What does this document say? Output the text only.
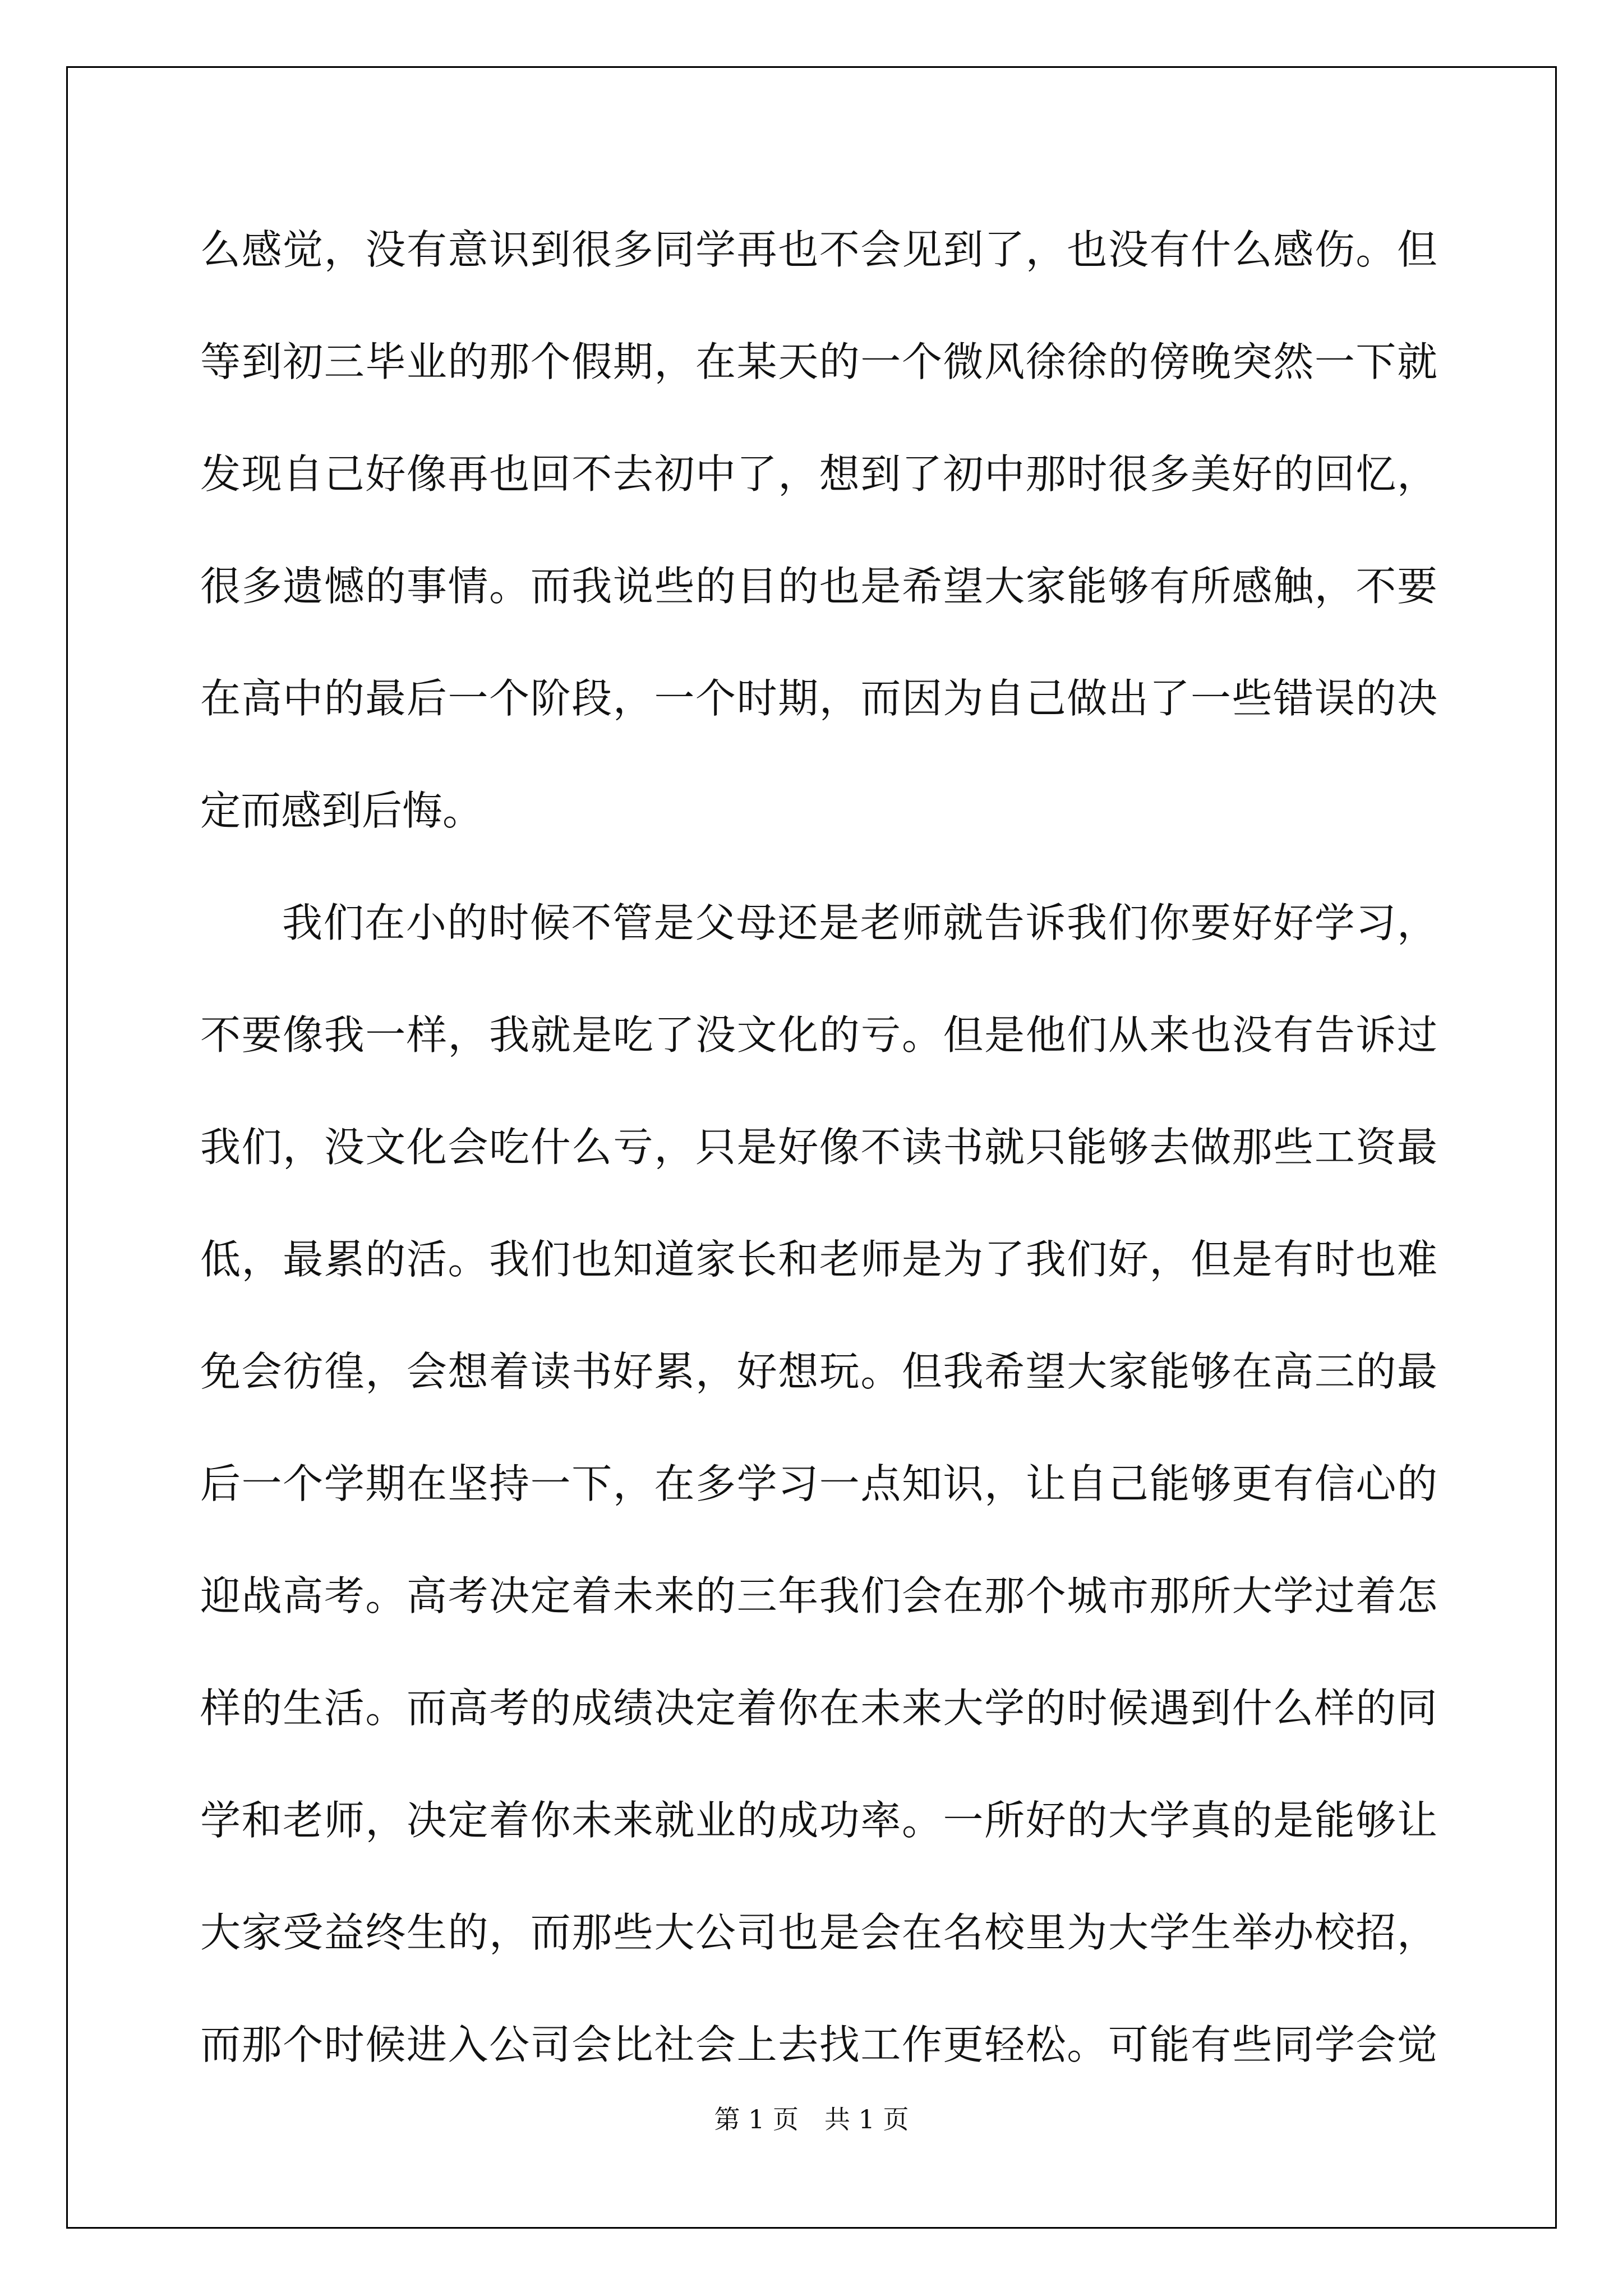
么感觉，没有意识到很多同学再也不会见到了，也没有什么感伤。但
等到初三毕业的那个假期，在某天的一个微风徐徐的傍晚突然一下就
发现自己好像再也回不去初中了，想到了初中那时很多美好的回忆，
很多遗憾的事情。而我说些的目的也是希望大家能够有所感触，不要
在高中的最后一个阶段，一个时期，而因为自己做出了一些错误的决
定而感到后悔。
我们在小的时候不管是父母还是老师就告诉我们你要好好学习，
不要像我一样，我就是吃了没文化的亏。但是他们从来也没有告诉过
我们，没文化会吃什么亏，只是好像不读书就只能够去做那些工资最
低，最累的活。我们也知道家长和老师是为了我们好，但是有时也难
免会彷徨，会想着读书好累，好想玩。但我希望大家能够在高三的最
后一个学期在坚持一下，在多学习一点知识，让自己能够更有信心的
迎战高考。高考决定着未来的三年我们会在那个城市那所大学过着怎
样的生活。而高考的成绩决定着你在未来大学的时候遇到什么样的同
学和老师，决定着你未来就业的成功率。一所好的大学真的是能够让
大家受益终生的，而那些大公司也是会在名校里为大学生举办校招，
而那个时候进入公司会比社会上去找工作更轻松。可能有些同学会觉
第 1 页　共 1 页
